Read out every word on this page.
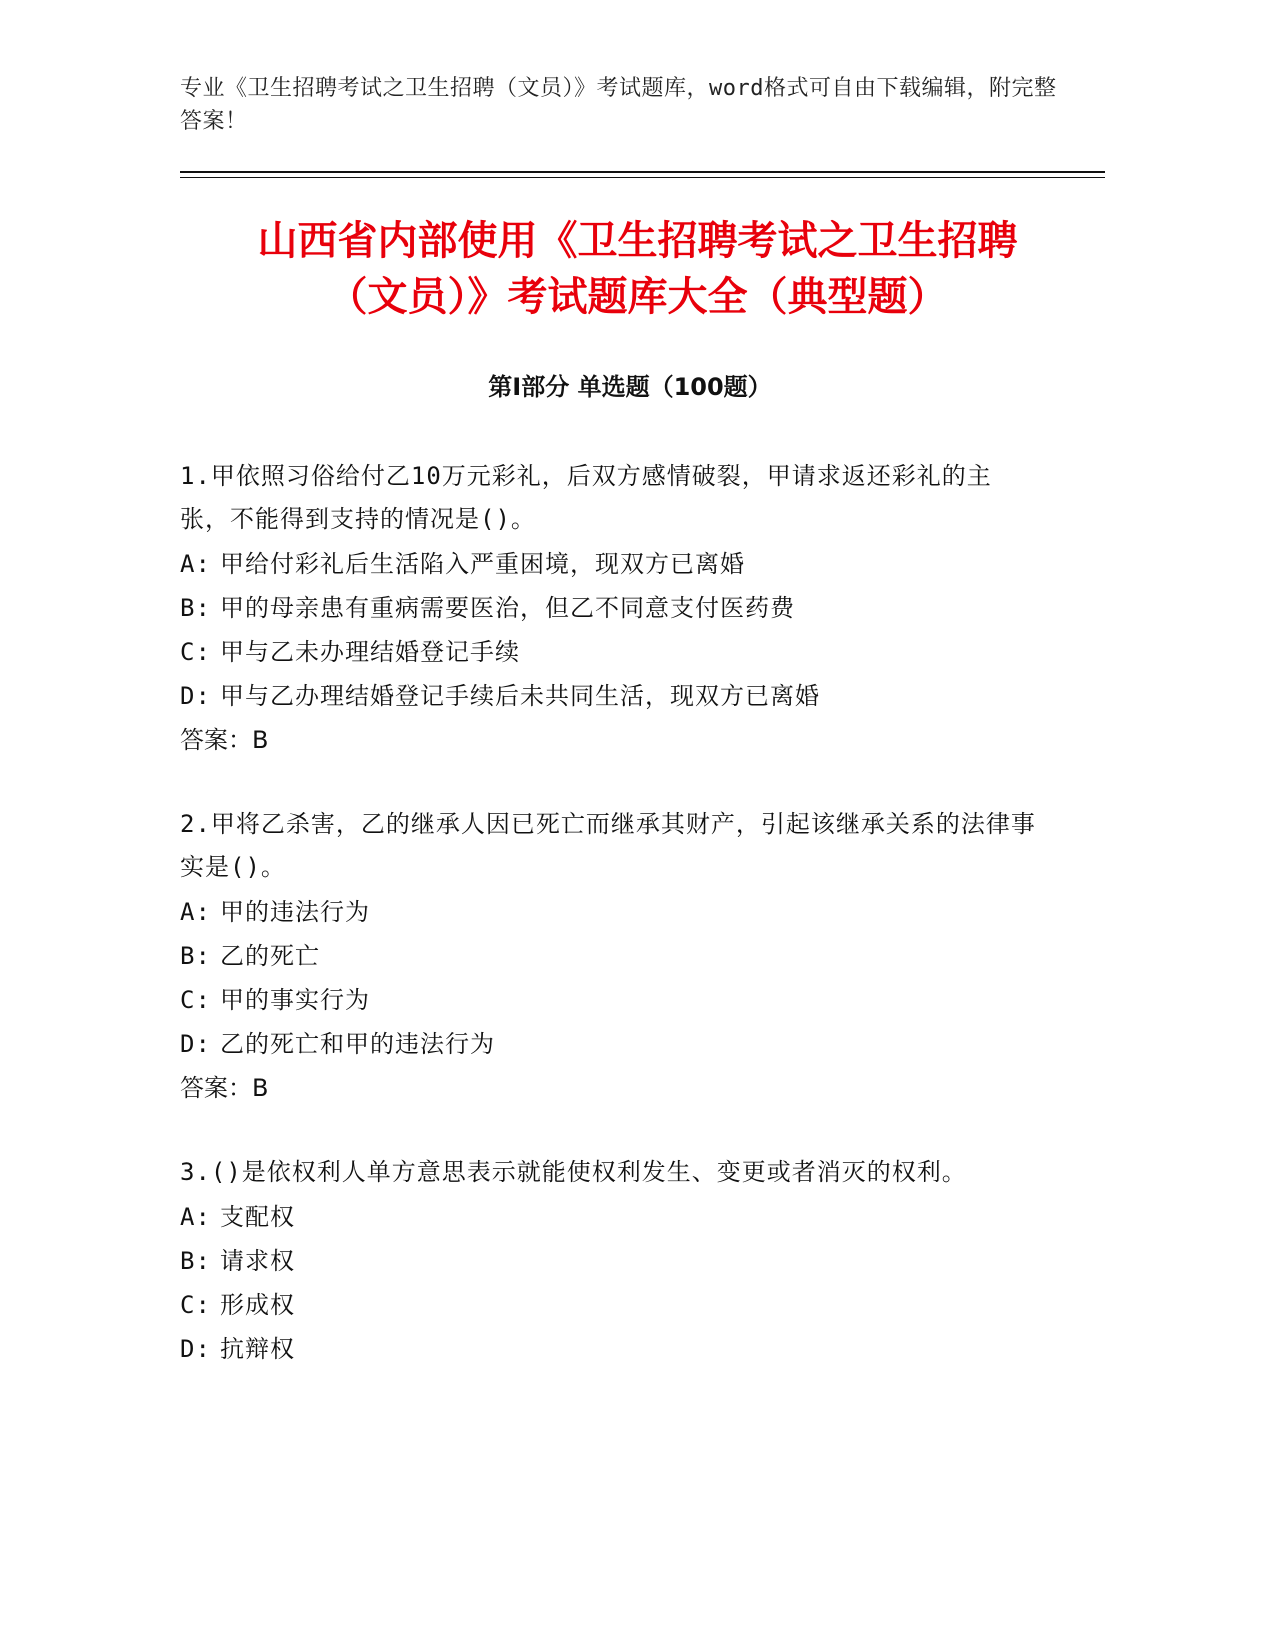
专业《卫生招聘考试之卫生招聘（文员）》考试题库，word格式可自由下载编辑，附完整答案！
山西省内部使用《卫生招聘考试之卫生招聘
（文员）》考试题库大全（典型题）
第Ⅰ部分 单选题（100题）
1.甲依照习俗给付乙10万元彩礼，后双方感情破裂，甲请求返还彩礼的主张，不能得到支持的情况是()。
A: 甲给付彩礼后生活陷入严重困境，现双方已离婚
B: 甲的母亲患有重病需要医治，但乙不同意支付医药费
C: 甲与乙未办理结婚登记手续
D: 甲与乙办理结婚登记手续后未共同生活，现双方已离婚
答案：B
2.甲将乙杀害，乙的继承人因已死亡而继承其财产，引起该继承关系的法律事实是()。
A: 甲的违法行为
B: 乙的死亡
C: 甲的事实行为
D: 乙的死亡和甲的违法行为
答案：B
3.()是依权利人单方意思表示就能使权利发生、变更或者消灭的权利。
A: 支配权
B: 请求权
C: 形成权
D: 抗辩权
